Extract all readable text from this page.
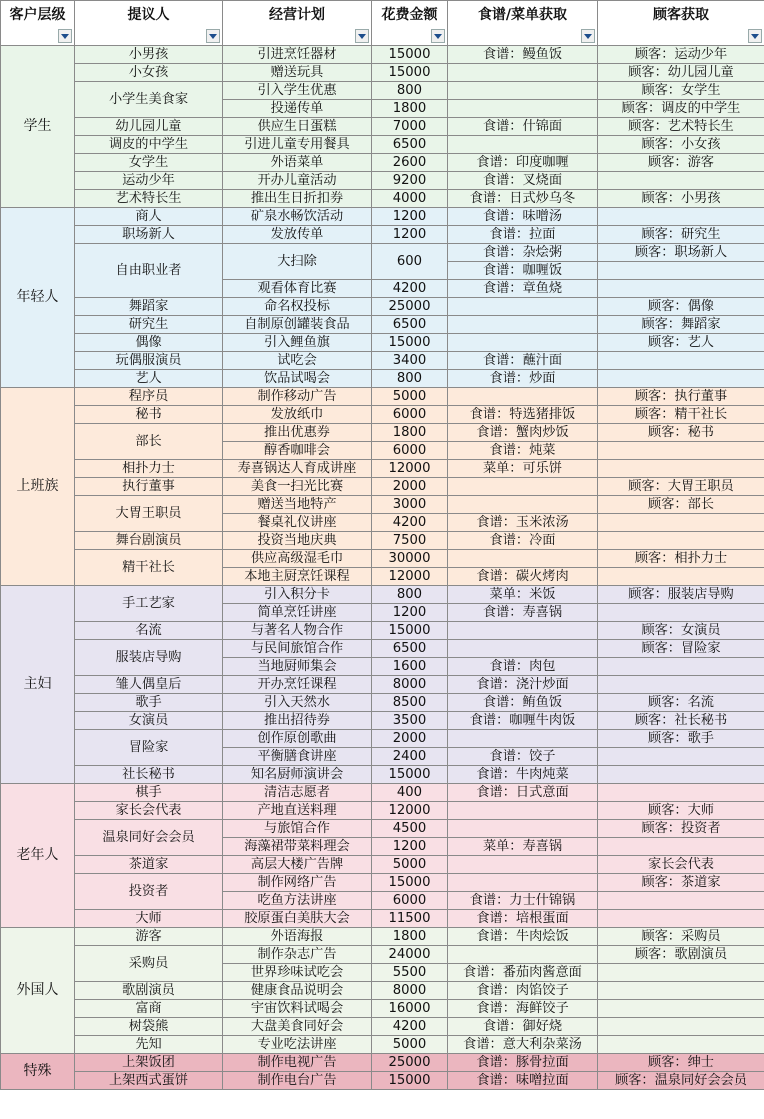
客户层级	提议人	经营计划	花费金额	食谱/菜单获取	顾客获取

学生	小男孩	引进烹饪器材	15000	食谱：鳗鱼饭	顾客：运动少年
	小女孩	赠送玩具	15000		顾客：幼儿园儿童
	小学生美食家	引入学生优惠	800		顾客：女学生
		投递传单	1800		顾客：调皮的中学生
	幼儿园儿童	供应生日蛋糕	7000	食谱：什锦面	顾客：艺术特长生
	调皮的中学生	引进儿童专用餐具	6500		顾客：小女孩
	女学生	外语菜单	2600	食谱：印度咖喱	顾客：游客
	运动少年	开办儿童活动	9200	食谱：叉烧面	
	艺术特长生	推出生日折扣券	4000	食谱：日式炒乌冬	顾客：小男孩
年轻人	商人	矿泉水畅饮活动	1200	食谱：味噌汤	
	职场新人	发放传单	1200	食谱：拉面	顾客：研究生
	自由职业者	大扫除	600	食谱：杂烩粥	顾客：职场新人
				食谱：咖喱饭	
		观看体育比赛	4200	食谱：章鱼烧	
	舞蹈家	命名权投标	25000		顾客：偶像
	研究生	自制原创罐装食品	6500		顾客：舞蹈家
	偶像	引入鲤鱼旗	15000		顾客：艺人
	玩偶服演员	试吃会	3400	食谱：蘸汁面	
	艺人	饮品试喝会	800	食谱：炒面	
上班族	程序员	制作移动广告	5000		顾客：执行董事
	秘书	发放纸巾	6000	食谱：特选猪排饭	顾客：精干社长
	部长	推出优惠券	1800	食谱：蟹肉炒饭	顾客：秘书
		醇香咖啡会	6000	食谱：炖菜	
	相扑力士	寿喜锅达人育成讲座	12000	菜单：可乐饼	
	执行董事	美食一扫光比赛	2000		顾客：大胃王职员
	大胃王职员	赠送当地特产	3000		顾客：部长
		餐桌礼仪讲座	4200	食谱：玉米浓汤	
	舞台剧演员	投资当地庆典	7500	食谱：冷面	
	精干社长	供应高级湿毛巾	30000		顾客：相扑力士
		本地主厨烹饪课程	12000	食谱：碳火烤肉	
主妇	手工艺家	引入积分卡	800	菜单：米饭	顾客：服装店导购
		简单烹饪讲座	1200	食谱：寿喜锅	
	名流	与著名人物合作	15000		顾客：女演员
	服装店导购	与民间旅馆合作	6500		顾客：冒险家
		当地厨师集会	1600	食谱：肉包	
	雏人偶皇后	开办烹饪课程	8000	食谱：浇汁炒面	
	歌手	引入天然水	8500	食谱：鲔鱼饭	顾客：名流
	女演员	推出招待券	3500	食谱：咖喱牛肉饭	顾客：社长秘书
	冒险家	创作原创歌曲	2000		顾客：歌手
		平衡膳食讲座	2400	食谱：饺子	
	社长秘书	知名厨师演讲会	15000	食谱：牛肉炖菜	
老年人	棋手	清洁志愿者	400	食谱：日式意面	
	家长会代表	产地直送料理	12000		顾客：大师
	温泉同好会会员	与旅馆合作	4500		顾客：投资者
		海藻裙带菜料理会	1200	菜单：寿喜锅	
	茶道家	高层大楼广告牌	5000		家长会代表
	投资者	制作网络广告	15000		顾客：茶道家
		吃鱼方法讲座	6000	食谱：力士什锦锅	
	大师	胶原蛋白美肤大会	11500	食谱：培根蛋面	
外国人	游客	外语海报	1800	食谱：牛肉烩饭	顾客：采购员
	采购员	制作杂志广告	24000		顾客：歌剧演员
		世界珍味试吃会	5500	食谱：番茄肉酱意面	
	歌剧演员	健康食品说明会	8000	食谱：肉馅饺子	
	富商	宇宙饮料试喝会	16000	食谱：海鲜饺子	
	树袋熊	大盘美食同好会	4200	食谱：御好烧	
	先知	专业吃法讲座	5000	食谱：意大利杂菜汤	
特殊	上架饭团	制作电视广告	25000	食谱：豚骨拉面	顾客：绅士
	上架西式蛋饼	制作电台广告	15000	食谱：味噌拉面	顾客：温泉同好会会员
